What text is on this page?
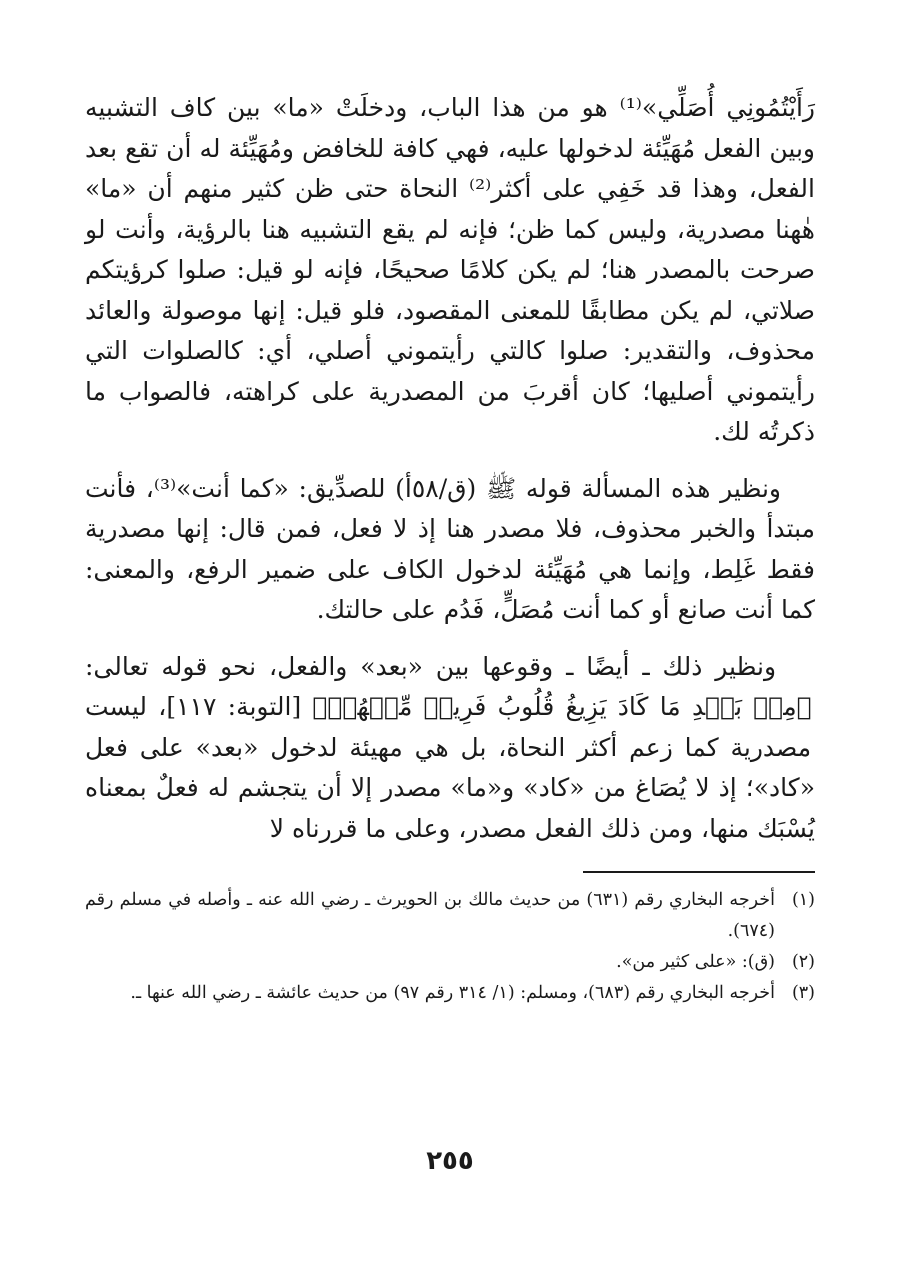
رَأَيْتُمُونِي أُصَلِّي»⁽¹⁾ هو من هذا الباب، ودخلَتْ «ما» بين كاف التشبيه وبين الفعل مُهَيِّئة لدخولها عليه، فهي كافة للخافض ومُهَيِّئة له أن تقع بعد الفعل، وهذا قد خَفِي على أكثر⁽²⁾ النحاة حتى ظن كثير منهم أن «ما» هٰهنا مصدرية، وليس كما ظن؛ فإنه لم يقع التشبيه هنا بالرؤية، وأنت لو صرحت بالمصدر هنا؛ لم يكن كلامًا صحيحًا، فإنه لو قيل: صلوا كرؤيتكم صلاتي، لم يكن مطابقًا للمعنى المقصود، فلو قيل: إنها موصولة والعائد محذوف، والتقدير: صلوا كالتي رأيتموني أصلي، أي: كالصلوات التي رأيتموني أصليها؛ كان أقربَ من المصدرية على كراهته، فالصواب ما ذكرتُه لك.

ونظير هذه المسألة قوله ﷺ (ق/٥٨أ) للصدِّيق: «كما أنت»⁽³⁾، فأنت مبتدأ والخبر محذوف، فلا مصدر هنا إذ لا فعل، فمن قال: إنها مصدرية فقط غَلِط، وإنما هي مُهَيِّئة لدخول الكاف على ضمير الرفع، والمعنى: كما أنت صانع أو كما أنت مُصَلٍّ، فَدُم على حالتك.

ونظير ذلك ـ أيضًا ـ وقوعها بين «بعد» والفعل، نحو قوله تعالى: ﴿مِنۢ بَعۡدِ مَا كَادَ يَزِيغُ قُلُوبُ فَرِيقٖ مِّنۡهُمۡ﴾ [التوبة: ١١٧]، ليست مصدرية كما زعم أكثر النحاة، بل هي مهيئة لدخول «بعد» على فعل «كاد»؛ إذ لا يُصَاغ من «كاد» و«ما» مصدر إلا أن يتجشم له فعلٌ بمعناه يُسْبَك منها، ومن ذلك الفعل مصدر، وعلى ما قررناه لا

(١)
أخرجه البخاري رقم (٦٣١) من حديث مالك بن الحويرث ـ رضي الله عنه ـ وأصله في مسلم رقم (٦٧٤).
(٢)
(ق): «على كثير من».
(٣)
أخرجه البخاري رقم (٦٨٣)، ومسلم: (١/ ٣١٤ رقم ٩٧) من حديث عائشة ـ رضي الله عنها ـ.
٢٥٥
